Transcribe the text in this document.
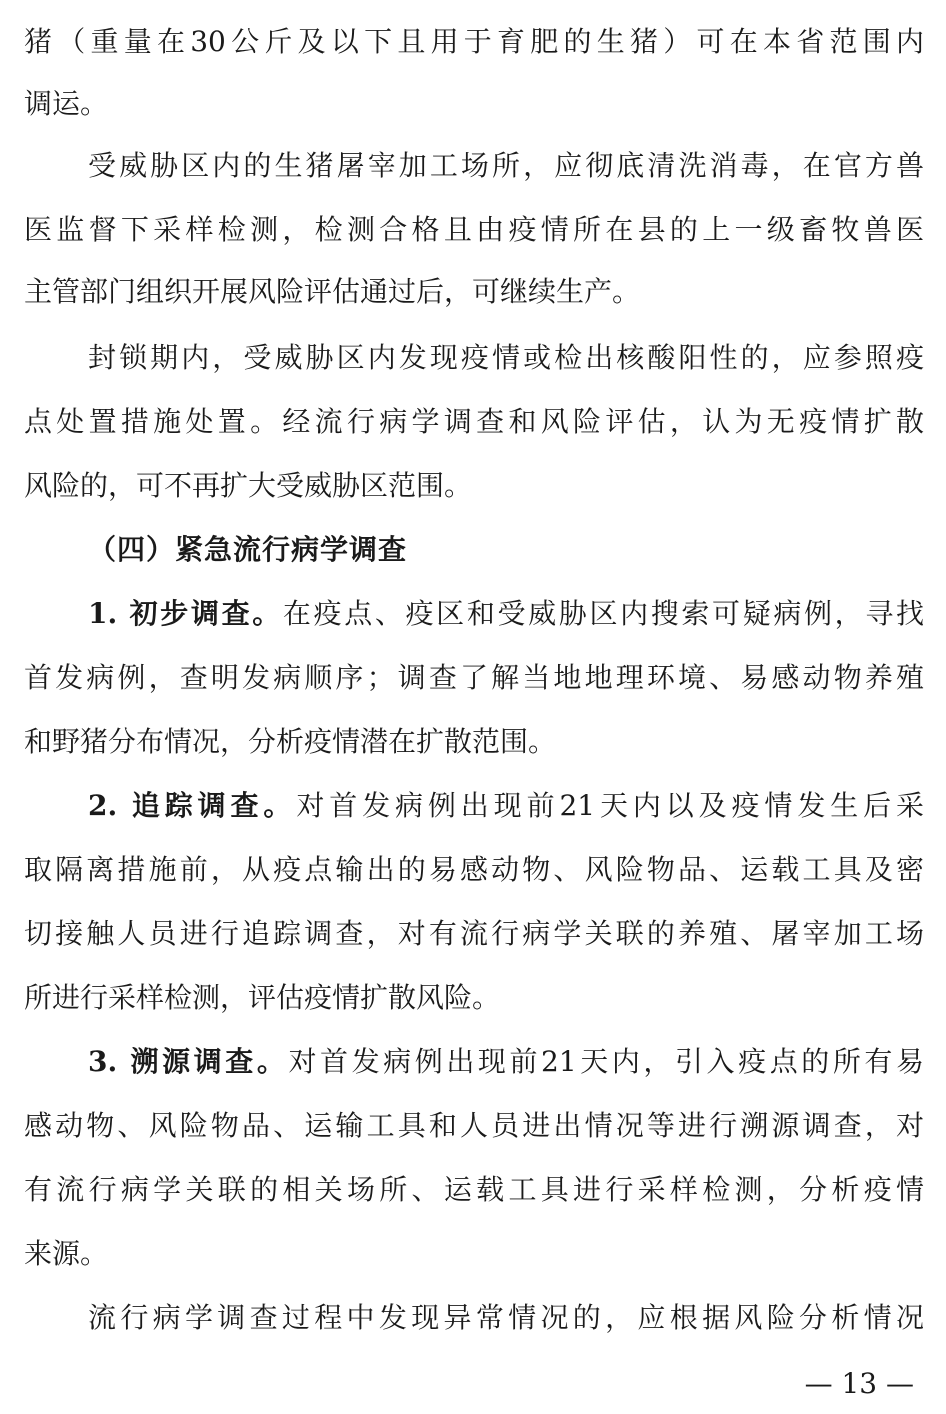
猪（重量在30公斤及以下且用于育肥的生猪）可在本省范围内
调运。
受威胁区内的生猪屠宰加工场所，应彻底清洗消毒，在官方兽
医监督下采样检测，检测合格且由疫情所在县的上一级畜牧兽医
主管部门组织开展风险评估通过后，可继续生产。
封锁期内，受威胁区内发现疫情或检出核酸阳性的，应参照疫
点处置措施处置。经流行病学调查和风险评估，认为无疫情扩散
风险的，可不再扩大受威胁区范围。
（四）紧急流行病学调查
1. 初步调查。在疫点、疫区和受威胁区内搜索可疑病例，寻找
首发病例，查明发病顺序；调查了解当地地理环境、易感动物养殖
和野猪分布情况，分析疫情潜在扩散范围。
2. 追踪调查。对首发病例出现前21天内以及疫情发生后采
取隔离措施前，从疫点输出的易感动物、风险物品、运载工具及密
切接触人员进行追踪调查，对有流行病学关联的养殖、屠宰加工场
所进行采样检测，评估疫情扩散风险。
3. 溯源调查。对首发病例出现前21天内，引入疫点的所有易
感动物、风险物品、运输工具和人员进出情况等进行溯源调查，对
有流行病学关联的相关场所、运载工具进行采样检测，分析疫情
来源。
流行病学调查过程中发现异常情况的，应根据风险分析情况
— 13 —
